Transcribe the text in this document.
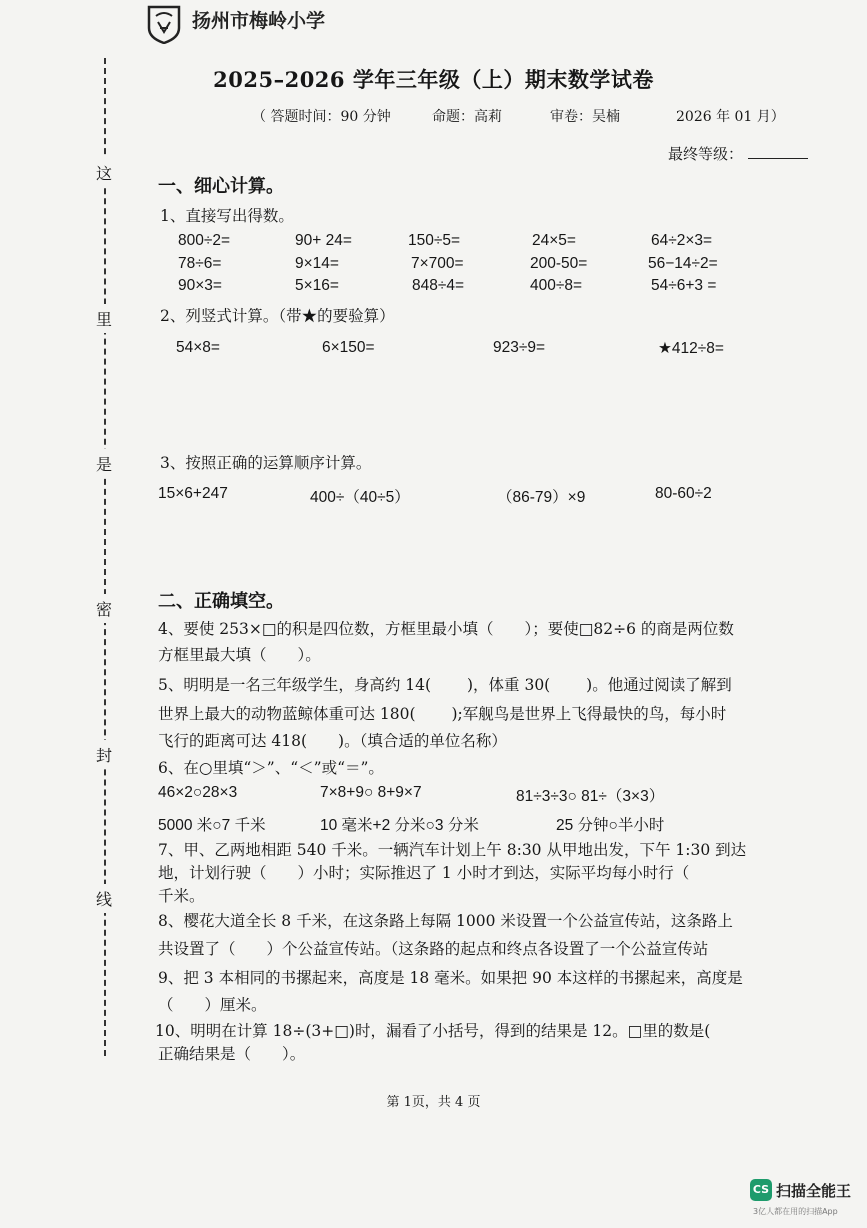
扬州市梅岭小学
2025–2026 学年三年级（上）期末数学试卷
（ 答题时间：90 分钟	命题：高莉	审卷：吴楠	2026 年 01 月）
最终等级：
这
里
是
密
封
线
一、细心计算。
1、直接写出得数。
800÷2=	90+ 24=	150÷5=	24×5=	64÷2×3=
78÷6=	9×14=	7×700=	200-50=	56−14÷2=
90×3=	5×16=	848÷4=	400÷8=	54÷6+3 =
2、列竖式计算。（带★的要验算）
54×8=	6×150=	923÷9=	★412÷8=
3、按照正确的运算顺序计算。
15×6+247	400÷（40÷5）	（86-79）×9	80-60÷2
二、正确填空。
4、要使 253×□的积是四位数，方框里最小填（　　）；要使□82÷6 的商是两位数
方框里最大填（　　）。
5、明明是一名三年级学生，身高约 14(　　 )，体重 30(　　 )。他通过阅读了解到
世界上最大的动物蓝鲸体重可达 180(　　 );军舰鸟是世界上飞得最快的鸟，每小时
飞行的距离可达 418(　　)。（填合适的单位名称）
6、在○里填“＞”、“＜”或“＝”。
46×2○28×3	7×8+9○ 8+9×7	81÷3÷3○ 81÷（3×3）
5000 米○7 千米	10 毫米+2 分米○3 分米	25 分钟○半小时
7、甲、乙两地相距 540 千米。一辆汽车计划上午 8:30 从甲地出发，下午 1:30 到达
地，计划行驶（　　）小时；实际推迟了 1 小时才到达，实际平均每小时行（
千米。
8、樱花大道全长 8 千米，在这条路上每隔 1000 米设置一个公益宣传站，这条路上
共设置了（　　）个公益宣传站。（这条路的起点和终点各设置了一个公益宣传站
9、把 3 本相同的书摞起来，高度是 18 毫米。如果把 90 本这样的书摞起来，高度是
（　　）厘米。
10、明明在计算 18÷(3+□)时，漏看了小括号，得到的结果是 12。□里的数是(
正确结果是（　　）。
第 1页，共 4 页
CS 扫描全能王
3亿人都在用的扫描App
